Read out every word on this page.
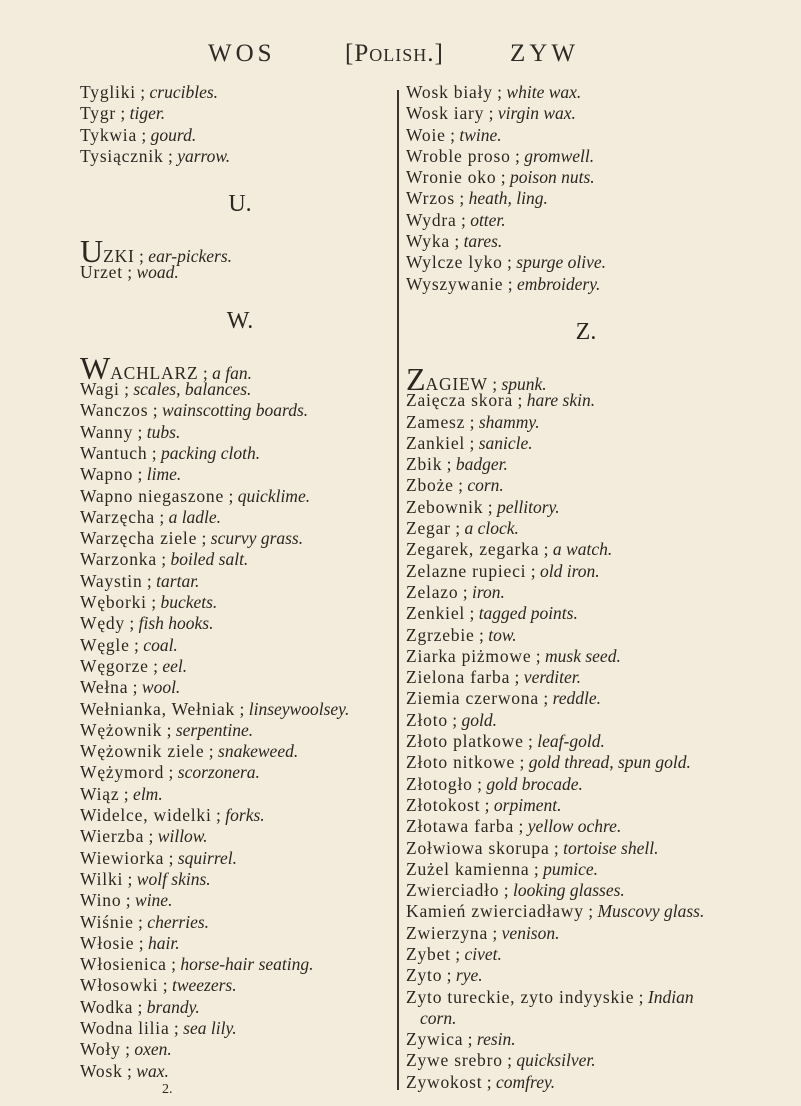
WOS	[Polish.]	ZYW
Tygliki ; crucibles.
Tygr ; tiger.
Tykwia ; gourd.
Tysiącznik ; yarrow.
U.
UZKI ; ear-pickers.
Urzet ; woad.
W.
WACHLARZ ; a fan.
Wagi ; scales, balances.
Wanczos ; wainscotting boards.
Wanny ; tubs.
Wantuch ; packing cloth.
Wapno ; lime.
Wapno niegaszone ; quicklime.
Warzęcha ; a ladle.
Warzęcha ziele ; scurvy grass.
Warzonka ; boiled salt.
Waystin ; tartar.
Węborki ; buckets.
Wędy ; fish hooks.
Węgle ; coal.
Węgorze ; eel.
Wełna ; wool.
Wełnianka, Wełniak ; linseywoolsey.
Wężownik ; serpentine.
Wężownik ziele ; snakeweed.
Wężymord ; scorzonera.
Wiąz ; elm.
Widelce, widelki ; forks.
Wierzba ; willow.
Wiewiorka ; squirrel.
Wilki ; wolf skins.
Wino ; wine.
Wiśnie ; cherries.
Włosie ; hair.
Włosienica ; horse-hair seating.
Włosowki ; tweezers.
Wodka ; brandy.
Wodna lilia ; sea lily.
Woły ; oxen.
Wosk ; wax.
Wosk biały ; white wax.
Wosk iary ; virgin wax.
Woie ; twine.
Wroble proso ; gromwell.
Wronie oko ; poison nuts.
Wrzos ; heath, ling.
Wydra ; otter.
Wyka ; tares.
Wylcze lyko ; spurge olive.
Wyszywanie ; embroidery.
Z.
ZAGIEW ; spunk.
Zaięcza skora ; hare skin.
Zamesz ; shammy.
Zankiel ; sanicle.
Zbik ; badger.
Zboże ; corn.
Zebownik ; pellitory.
Zegar ; a clock.
Zegarek, zegarka ; a watch.
Zelazne rupieci ; old iron.
Zelazo ; iron.
Zenkiel ; tagged points.
Zgrzebie ; tow.
Ziarka piżmowe ; musk seed.
Zielona farba ; verditer.
Ziemia czerwona ; reddle.
Złoto ; gold.
Złoto platkowe ; leaf-gold.
Złoto nitkowe ; gold thread, spun gold.
Złotogło ; gold brocade.
Złotokost ; orpiment.
Złotawa farba ; yellow ochre.
Zołwiowa skorupa ; tortoise shell.
Zużel kamienna ; pumice.
Zwierciadło ; looking glasses.
Kamień zwierciadławy ; Muscovy glass.
Zwierzyna ; venison.
Zybet ; civet.
Zyto ; rye.
Zyto tureckie, zyto indyyskie ; Indian
corn.
Zywica ; resin.
Zywe srebro ; quicksilver.
Zywokost ; comfrey.
2.
